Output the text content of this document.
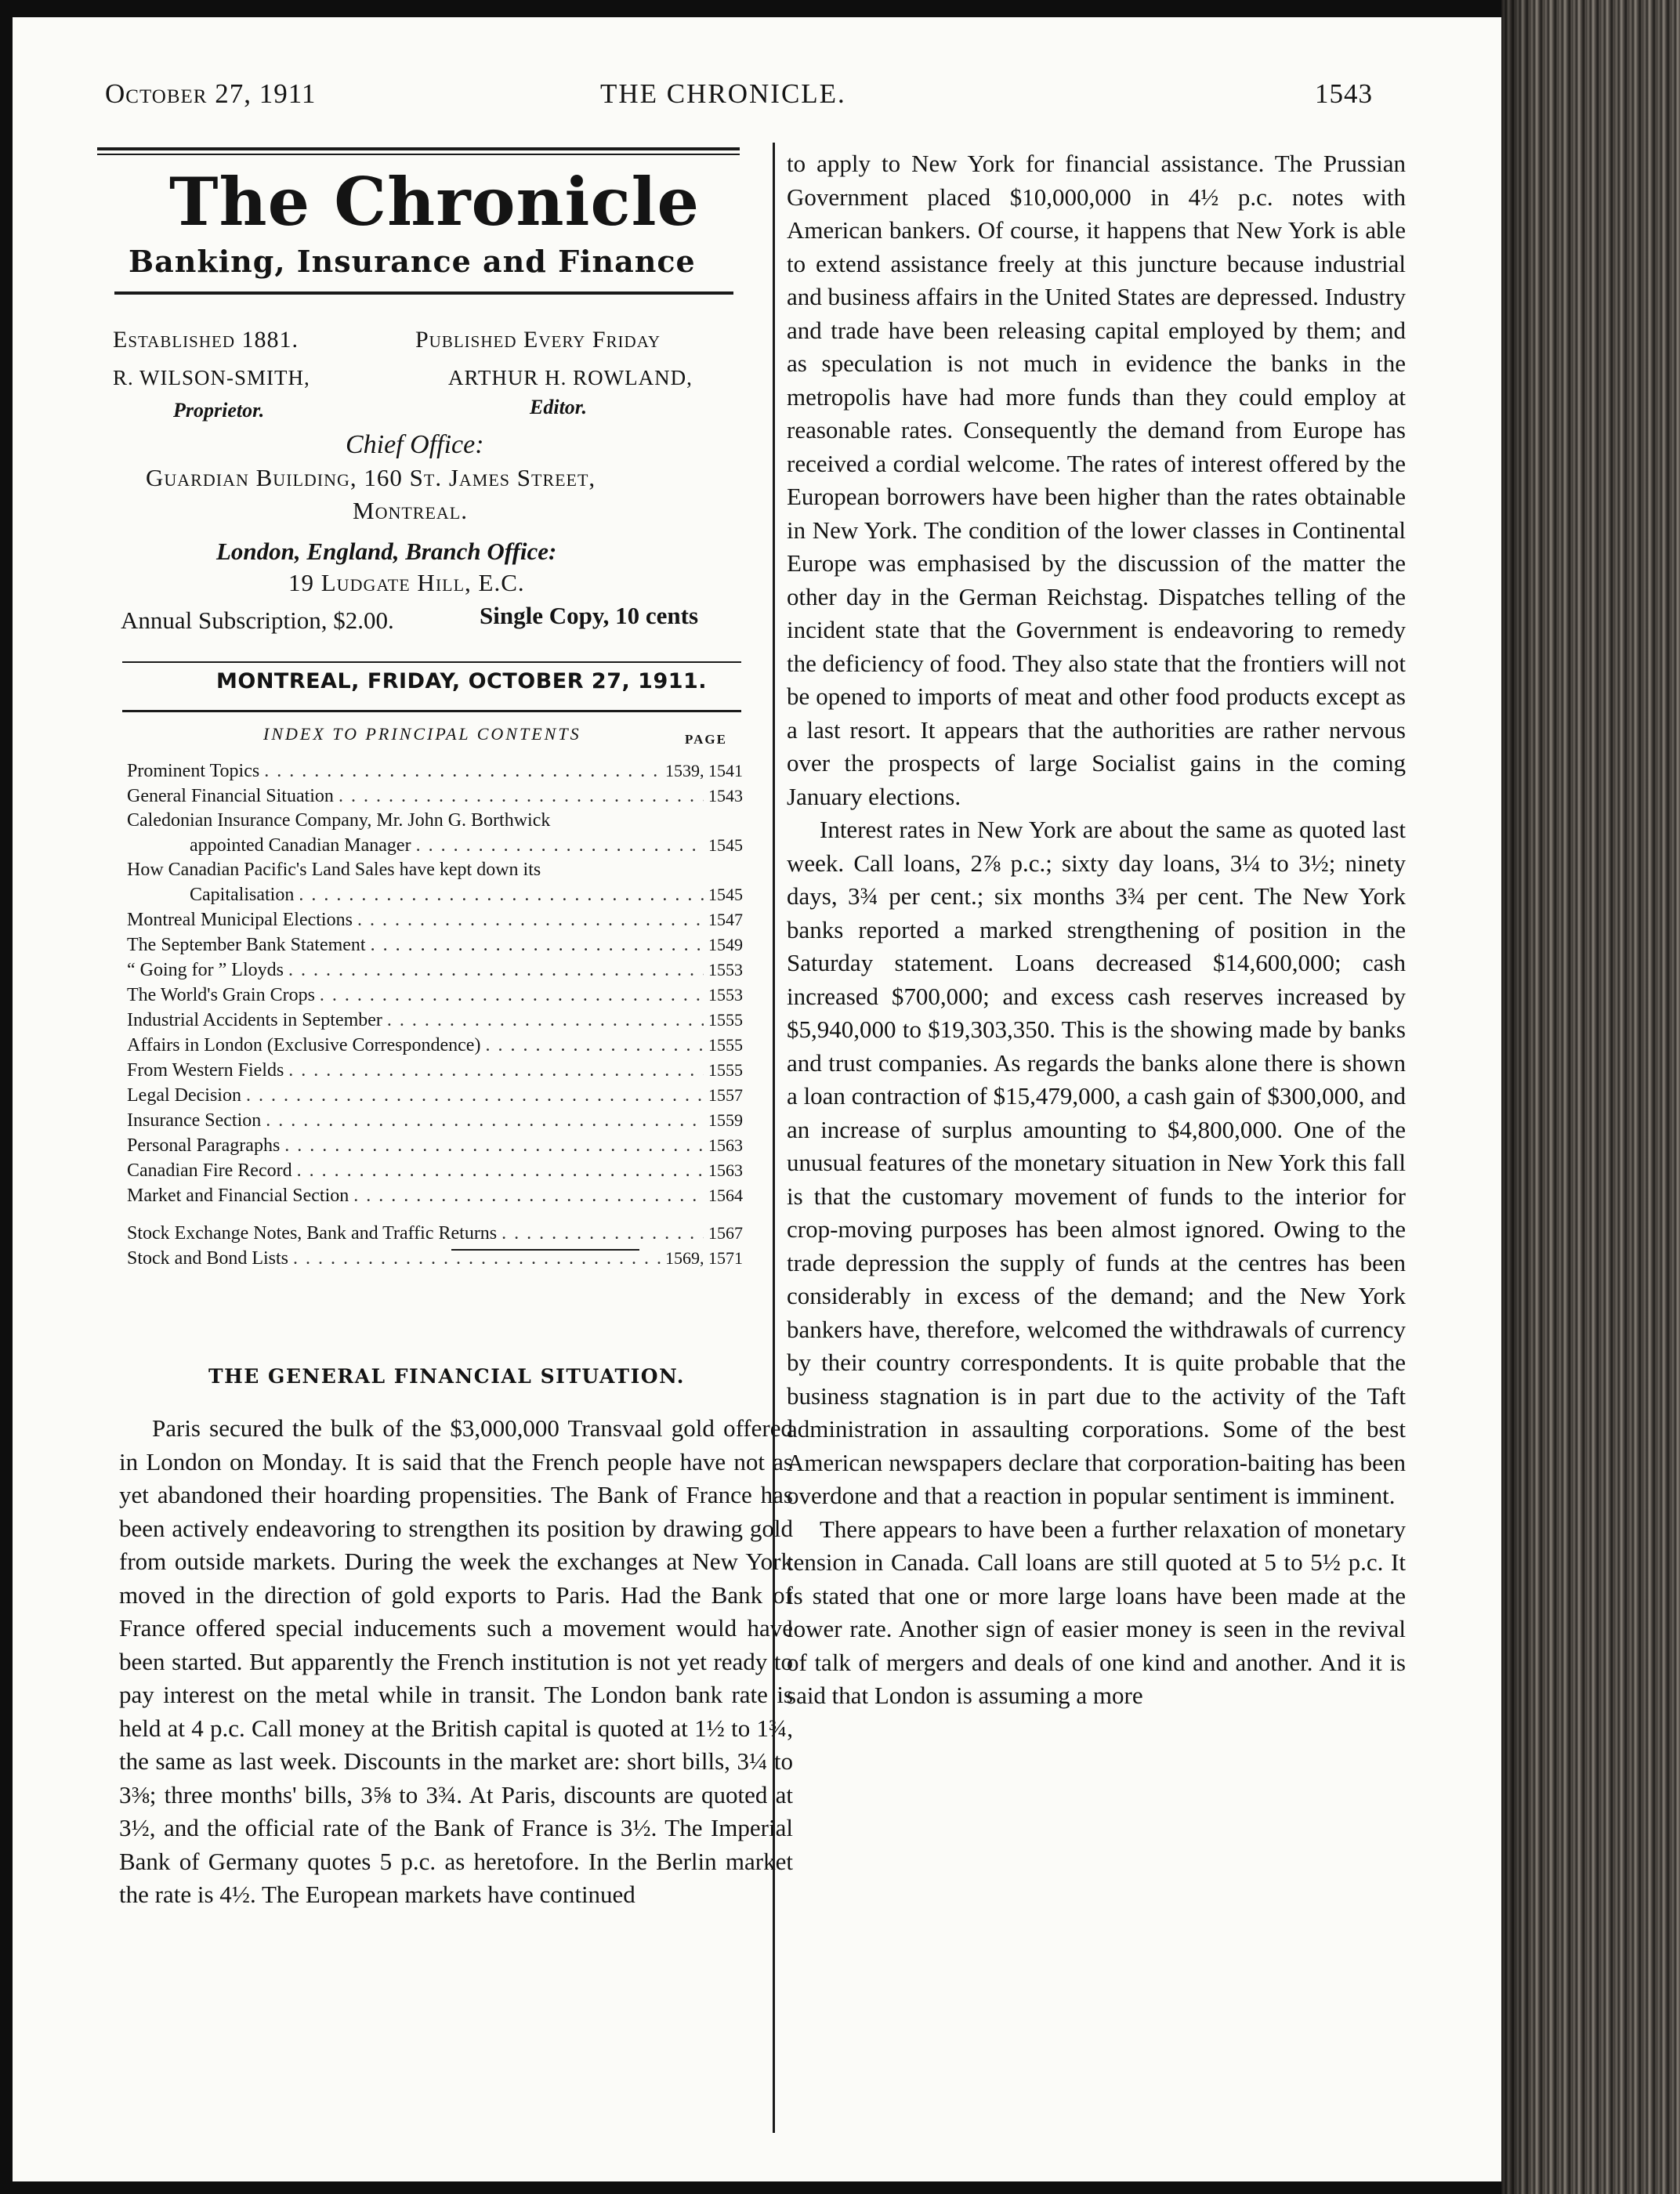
October 27, 1911	THE CHRONICLE.	1543
The Chronicle
Banking, Insurance and Finance
Established 1881.	Published Every Friday
R. WILSON-SMITH,	ARTHUR H. ROWLAND,
Proprietor.	Editor.
Chief Office:
Guardian Building, 160 St. James Street,
Montreal.
London, England, Branch Office:
19 Ludgate Hill, E.C.
Annual Subscription, $2.00.	Single Copy, 10 cents
MONTREAL, FRIDAY, OCTOBER 27, 1911.
INDEX TO PRINCIPAL CONTENTS	PAGE
Prominent Topics . . .	1539, 1541
General Financial Situation . . .	1543
Caledonian Insurance Company, Mr. John G. Borthwick
appointed Canadian Manager . . .	1545
How Canadian Pacific's Land Sales have kept down its
Capitalisation . . .	1545
Montreal Municipal Elections . . .	1547
The September Bank Statement . . .	1549
“ Going for ” Lloyds . . .	1553
The World's Grain Crops . . .	1553
Industrial Accidents in September . . .	1555
Affairs in London (Exclusive Correspondence) . . .	1555
From Western Fields . . .	1555
Legal Decision . . .	1557
Insurance Section . . .	1559
Personal Paragraphs . . .	1563
Canadian Fire Record . . .	1563
Market and Financial Section . . .	1564
Stock Exchange Notes, Bank and Traffic Returns . . .	1567
Stock and Bond Lists . . .	1569, 1571
THE GENERAL FINANCIAL SITUATION.

Paris secured the bulk of the $3,000,000 Transvaal gold offered in London on Monday. It is said that the French people have not as yet abandoned their hoarding propensities. The Bank of France has been actively endeavoring to strengthen its position by drawing gold from outside markets. During the week the exchanges at New York moved in the direction of gold exports to Paris. Had the Bank of France offered special inducements such a movement would have been started. But apparently the French institution is not yet ready to pay interest on the metal while in transit. The London bank rate is held at 4 p.c. Call money at the British capital is quoted at 1½ to 1¾, the same as last week. Discounts in the market are: short bills, 3¼ to 3⅜; three months' bills, 3⅝ to 3¾. At Paris, discounts are quoted at 3½, and the official rate of the Bank of France is 3½. The Imperial Bank of Germany quotes 5 p.c. as heretofore. In the Berlin market the rate is 4½. The European markets have continued

to apply to New York for financial assistance. The Prussian Government placed $10,000,000 in 4½ p.c. notes with American bankers. Of course, it happens that New York is able to extend assistance freely at this juncture because industrial and business affairs in the United States are depressed. Industry and trade have been releasing capital employed by them; and as speculation is not much in evidence the banks in the metropolis have had more funds than they could employ at reasonable rates. Consequently the demand from Europe has received a cordial welcome. The rates of interest offered by the European borrowers have been higher than the rates obtainable in New York. The condition of the lower classes in Continental Europe was emphasised by the discussion of the matter the other day in the German Reichstag. Dispatches telling of the incident state that the Government is endeavoring to remedy the deficiency of food. They also state that the frontiers will not be opened to imports of meat and other food products except as a last resort. It appears that the authorities are rather nervous over the prospects of large Socialist gains in the coming January elections.

Interest rates in New York are about the same as quoted last week. Call loans, 2⅞ p.c.; sixty day loans, 3¼ to 3½; ninety days, 3¾ per cent.; six months 3¾ per cent. The New York banks reported a marked strengthening of position in the Saturday statement. Loans decreased $14,600,000; cash increased $700,000; and excess cash reserves increased by $5,940,000 to $19,303,350. This is the showing made by banks and trust companies. As regards the banks alone there is shown a loan contraction of $15,479,000, a cash gain of $300,000, and an increase of surplus amounting to $4,800,000. One of the unusual features of the monetary situation in New York this fall is that the customary movement of funds to the interior for crop-moving purposes has been almost ignored. Owing to the trade depression the supply of funds at the centres has been considerably in excess of the demand; and the New York bankers have, therefore, welcomed the withdrawals of currency by their country correspondents. It is quite probable that the business stagnation is in part due to the activity of the Taft administration in assaulting corporations. Some of the best American newspapers declare that corporation-baiting has been overdone and that a reaction in popular sentiment is imminent.

There appears to have been a further relaxation of monetary tension in Canada. Call loans are still quoted at 5 to 5½ p.c. It is stated that one or more large loans have been made at the lower rate. Another sign of easier money is seen in the revival of talk of mergers and deals of one kind and another. And it is said that London is assuming a more
